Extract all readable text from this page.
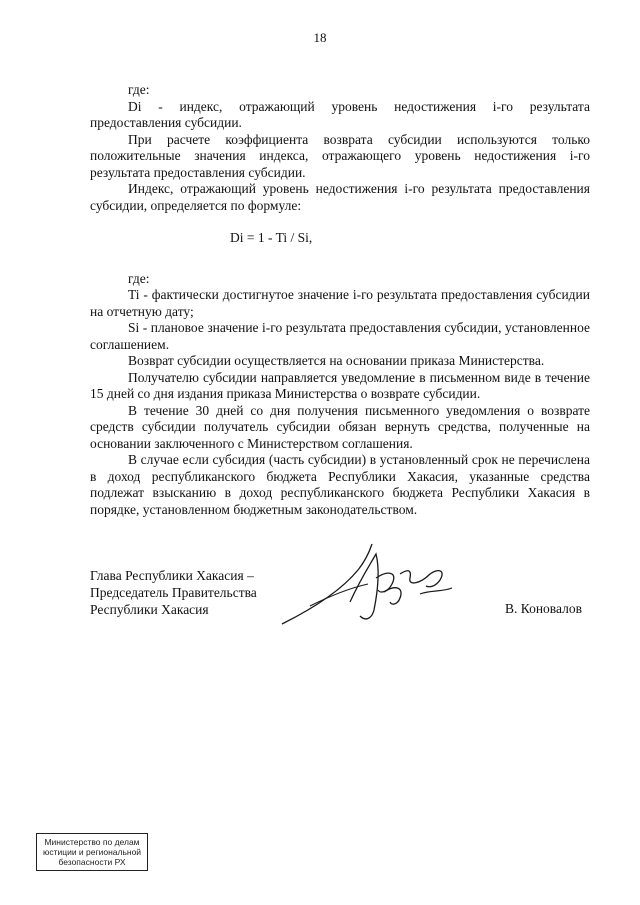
18

где:

Di - индекс, отражающий уровень недостижения i-го результата предоставления субсидии.

При расчете коэффициента возврата субсидии используются только положительные значения индекса, отражающего уровень недостижения i-го результата предоставления субсидии.

Индекс, отражающий уровень недостижения i-го результата предоставления субсидии, определяется по формуле:

Di = 1 - Ti / Si,

где:

Ti - фактически достигнутое значение i-го результата предоставления субсидии на отчетную дату;

Si - плановое значение i-го результата предоставления субсидии, установленное соглашением.

Возврат субсидии осуществляется на основании приказа Министерства.

Получателю субсидии направляется уведомление в письменном виде в течение 15 дней со дня издания приказа Министерства о возврате субсидии.

В течение 30 дней со дня получения письменного уведомления о возврате средств субсидии получатель субсидии обязан вернуть средства, полученные на основании заключенного с Министерством соглашения.

В случае если субсидия (часть субсидии) в установленный срок не перечислена в доход республиканского бюджета Республики Хакасия, указанные средства подлежат взысканию в доход республиканского бюджета Республики Хакасия в порядке, установленном бюджетным законодательством.

Глава Республики Хакасия –
Председатель Правительства
Республики Хакасия	В. Коновалов
Министерство по делам
юстиции и региональной
безопасности РХ
